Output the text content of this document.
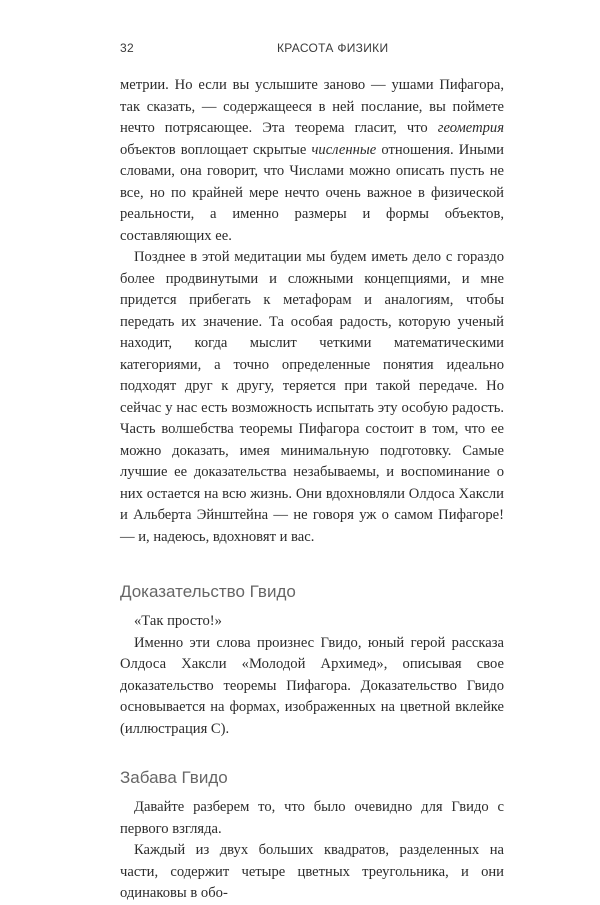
32	КРАСОТА ФИЗИКИ

метрии. Но если вы услышите заново — ушами Пифагора, так сказать, — содержащееся в ней послание, вы поймете нечто потрясающее. Эта теорема гласит, что геометрия объектов воплощает скрытые численные отношения. Иными словами, она говорит, что Числами можно описать пусть не все, но по крайней мере нечто очень важное в физической реальности, а именно размеры и формы объектов, составляющих ее.

Позднее в этой медитации мы будем иметь дело с гораздо более продвинутыми и сложными концепциями, и мне придется прибегать к метафорам и аналогиям, чтобы передать их значение. Та особая радость, которую ученый находит, когда мыслит четкими математическими категориями, а точно определенные понятия идеально подходят друг к другу, теряется при такой передаче. Но сейчас у нас есть возможность испытать эту особую радость. Часть волшебства теоремы Пифагора состоит в том, что ее можно доказать, имея минимальную подготовку. Самые лучшие ее доказательства незабываемы, и воспоминание о них остается на всю жизнь. Они вдохновляли Олдоса Хаксли и Альберта Эйнштейна — не говоря уж о самом Пифагоре! — и, надеюсь, вдохновят и вас.

Доказательство Гвидо

«Так просто!»

Именно эти слова произнес Гвидо, юный герой рассказа Олдоса Хаксли «Молодой Архимед», описывая свое доказательство теоремы Пифагора. Доказательство Гвидо основывается на формах, изображенных на цветной вклейке (иллюстрация С).

Забава Гвидо

Давайте разберем то, что было очевидно для Гвидо с первого взгляда.

Каждый из двух больших квадратов, разделенных на части, содержит четыре цветных треугольника, и они одинаковы в обо-
